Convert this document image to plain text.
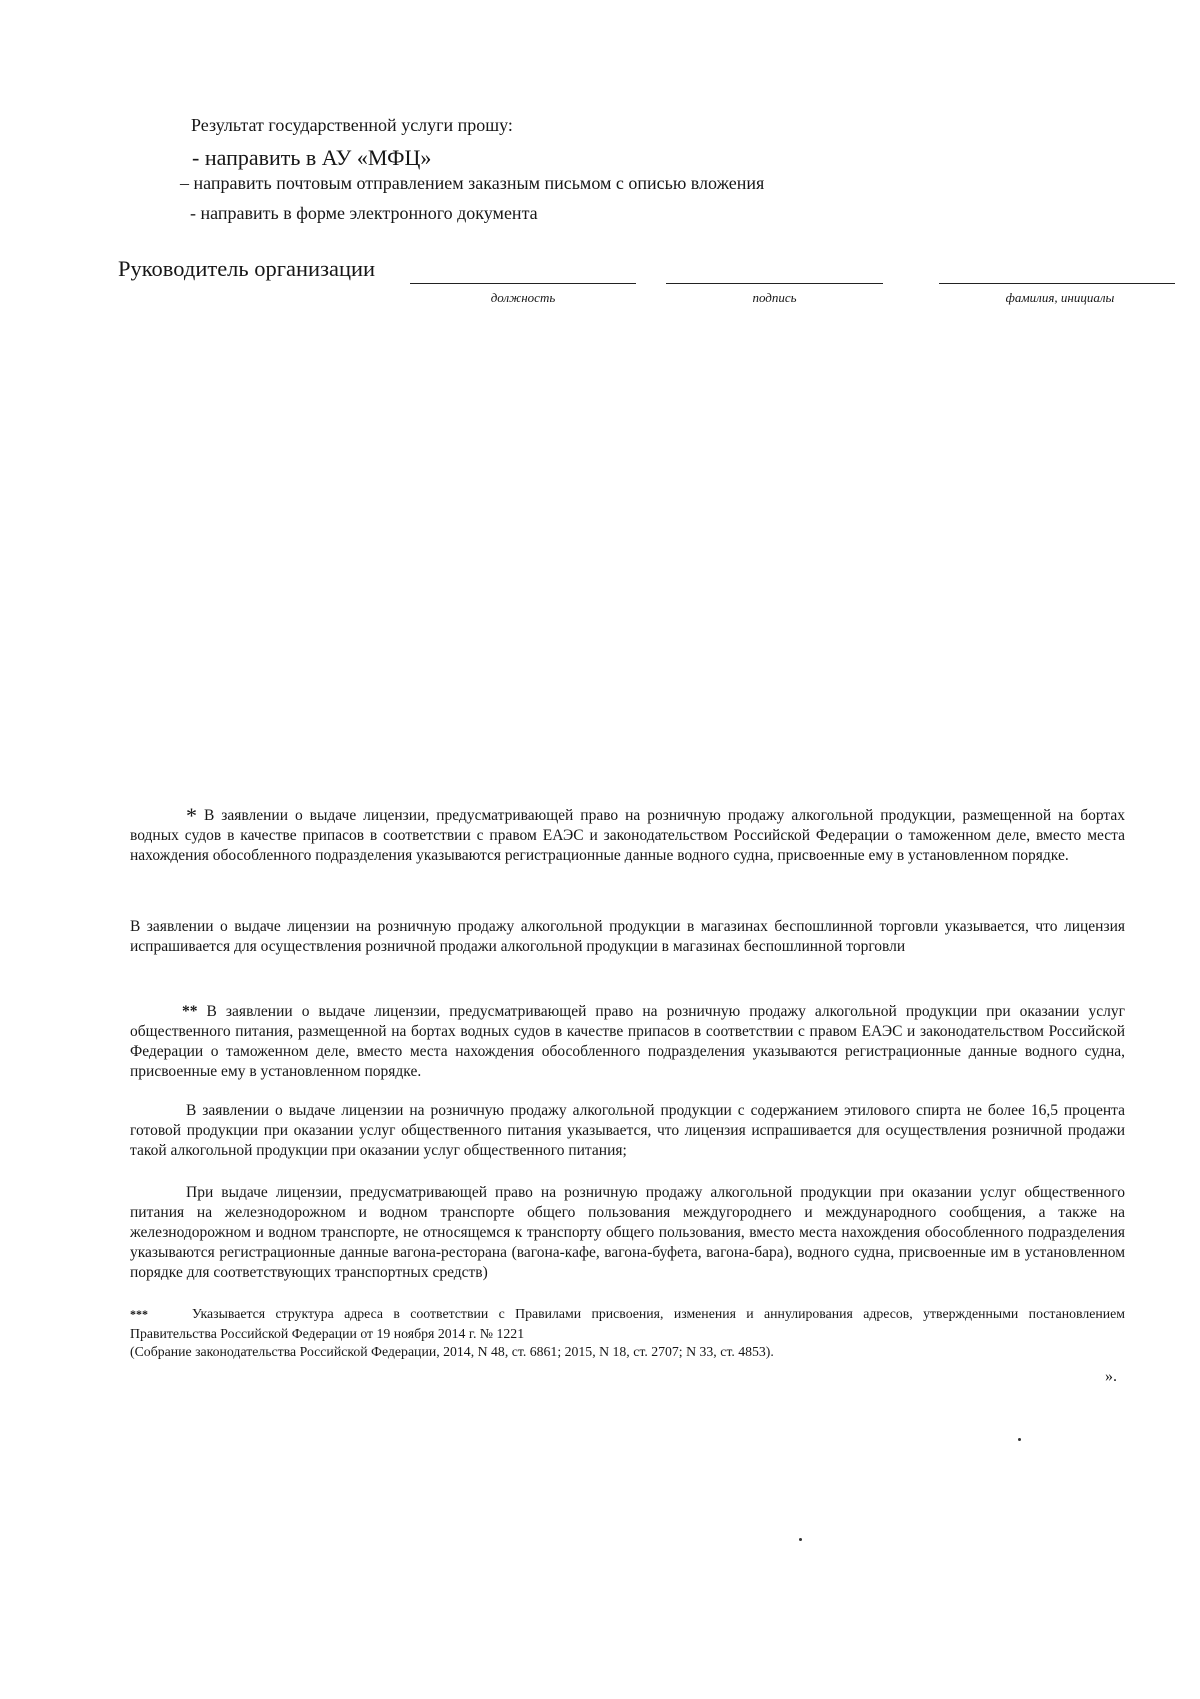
Результат государственной услуги прошу:
- направить в АУ «МФЦ»
– направить почтовым отправлением заказным письмом с описью вложения
- направить в форме электронного документа
Руководитель организации
должность	подпись	фамилия, инициалы
* В заявлении о выдаче лицензии, предусматривающей право на розничную продажу алкогольной продукции, размещенной на бортах водных судов в качестве припасов в соответствии с правом ЕАЭС и законодательством Российской Федерации о таможенном деле, вместо места нахождения обособленного подразделения указываются регистрационные данные водного судна, присвоенные ему в установленном порядке.
В заявлении о выдаче лицензии на розничную продажу алкогольной продукции в магазинах беспошлинной торговли указывается, что лицензия испрашивается для осуществления розничной продажи алкогольной продукции в магазинах беспошлинной торговли
** В заявлении о выдаче лицензии, предусматривающей право на розничную продажу алкогольной продукции при оказании услуг общественного питания, размещенной на бортах водных судов в качестве припасов в соответствии с правом ЕАЭС и законодательством Российской Федерации о таможенном деле, вместо места нахождения обособленного подразделения указываются регистрационные данные водного судна, присвоенные ему в установленном порядке.
В заявлении о выдаче лицензии на розничную продажу алкогольной продукции с содержанием этилового спирта не более 16,5 процента готовой продукции при оказании услуг общественного питания указывается, что лицензия испрашивается для осуществления розничной продажи такой алкогольной продукции при оказании услуг общественного питания;
При выдаче лицензии, предусматривающей право на розничную продажу алкогольной продукции при оказании услуг общественного питания на железнодорожном и водном транспорте общего пользования междугороднего и международного сообщения, а также на железнодорожном и водном транспорте, не относящемся к транспорту общего пользования, вместо места нахождения обособленного подразделения указываются регистрационные данные вагона-ресторана (вагона-кафе, вагона-буфета, вагона-бара), водного судна, присвоенные им в установленном порядке для соответствующих транспортных средств)
***	Указывается структура адреса в соответствии с Правилами присвоения, изменения и аннулирования адресов, утвержденными постановлением Правительства Российской Федерации от 19 ноября 2014 г. № 1221
(Собрание законодательства Российской Федерации, 2014, N 48, ст. 6861; 2015, N 18, ст. 2707; N 33, ст. 4853).
».
